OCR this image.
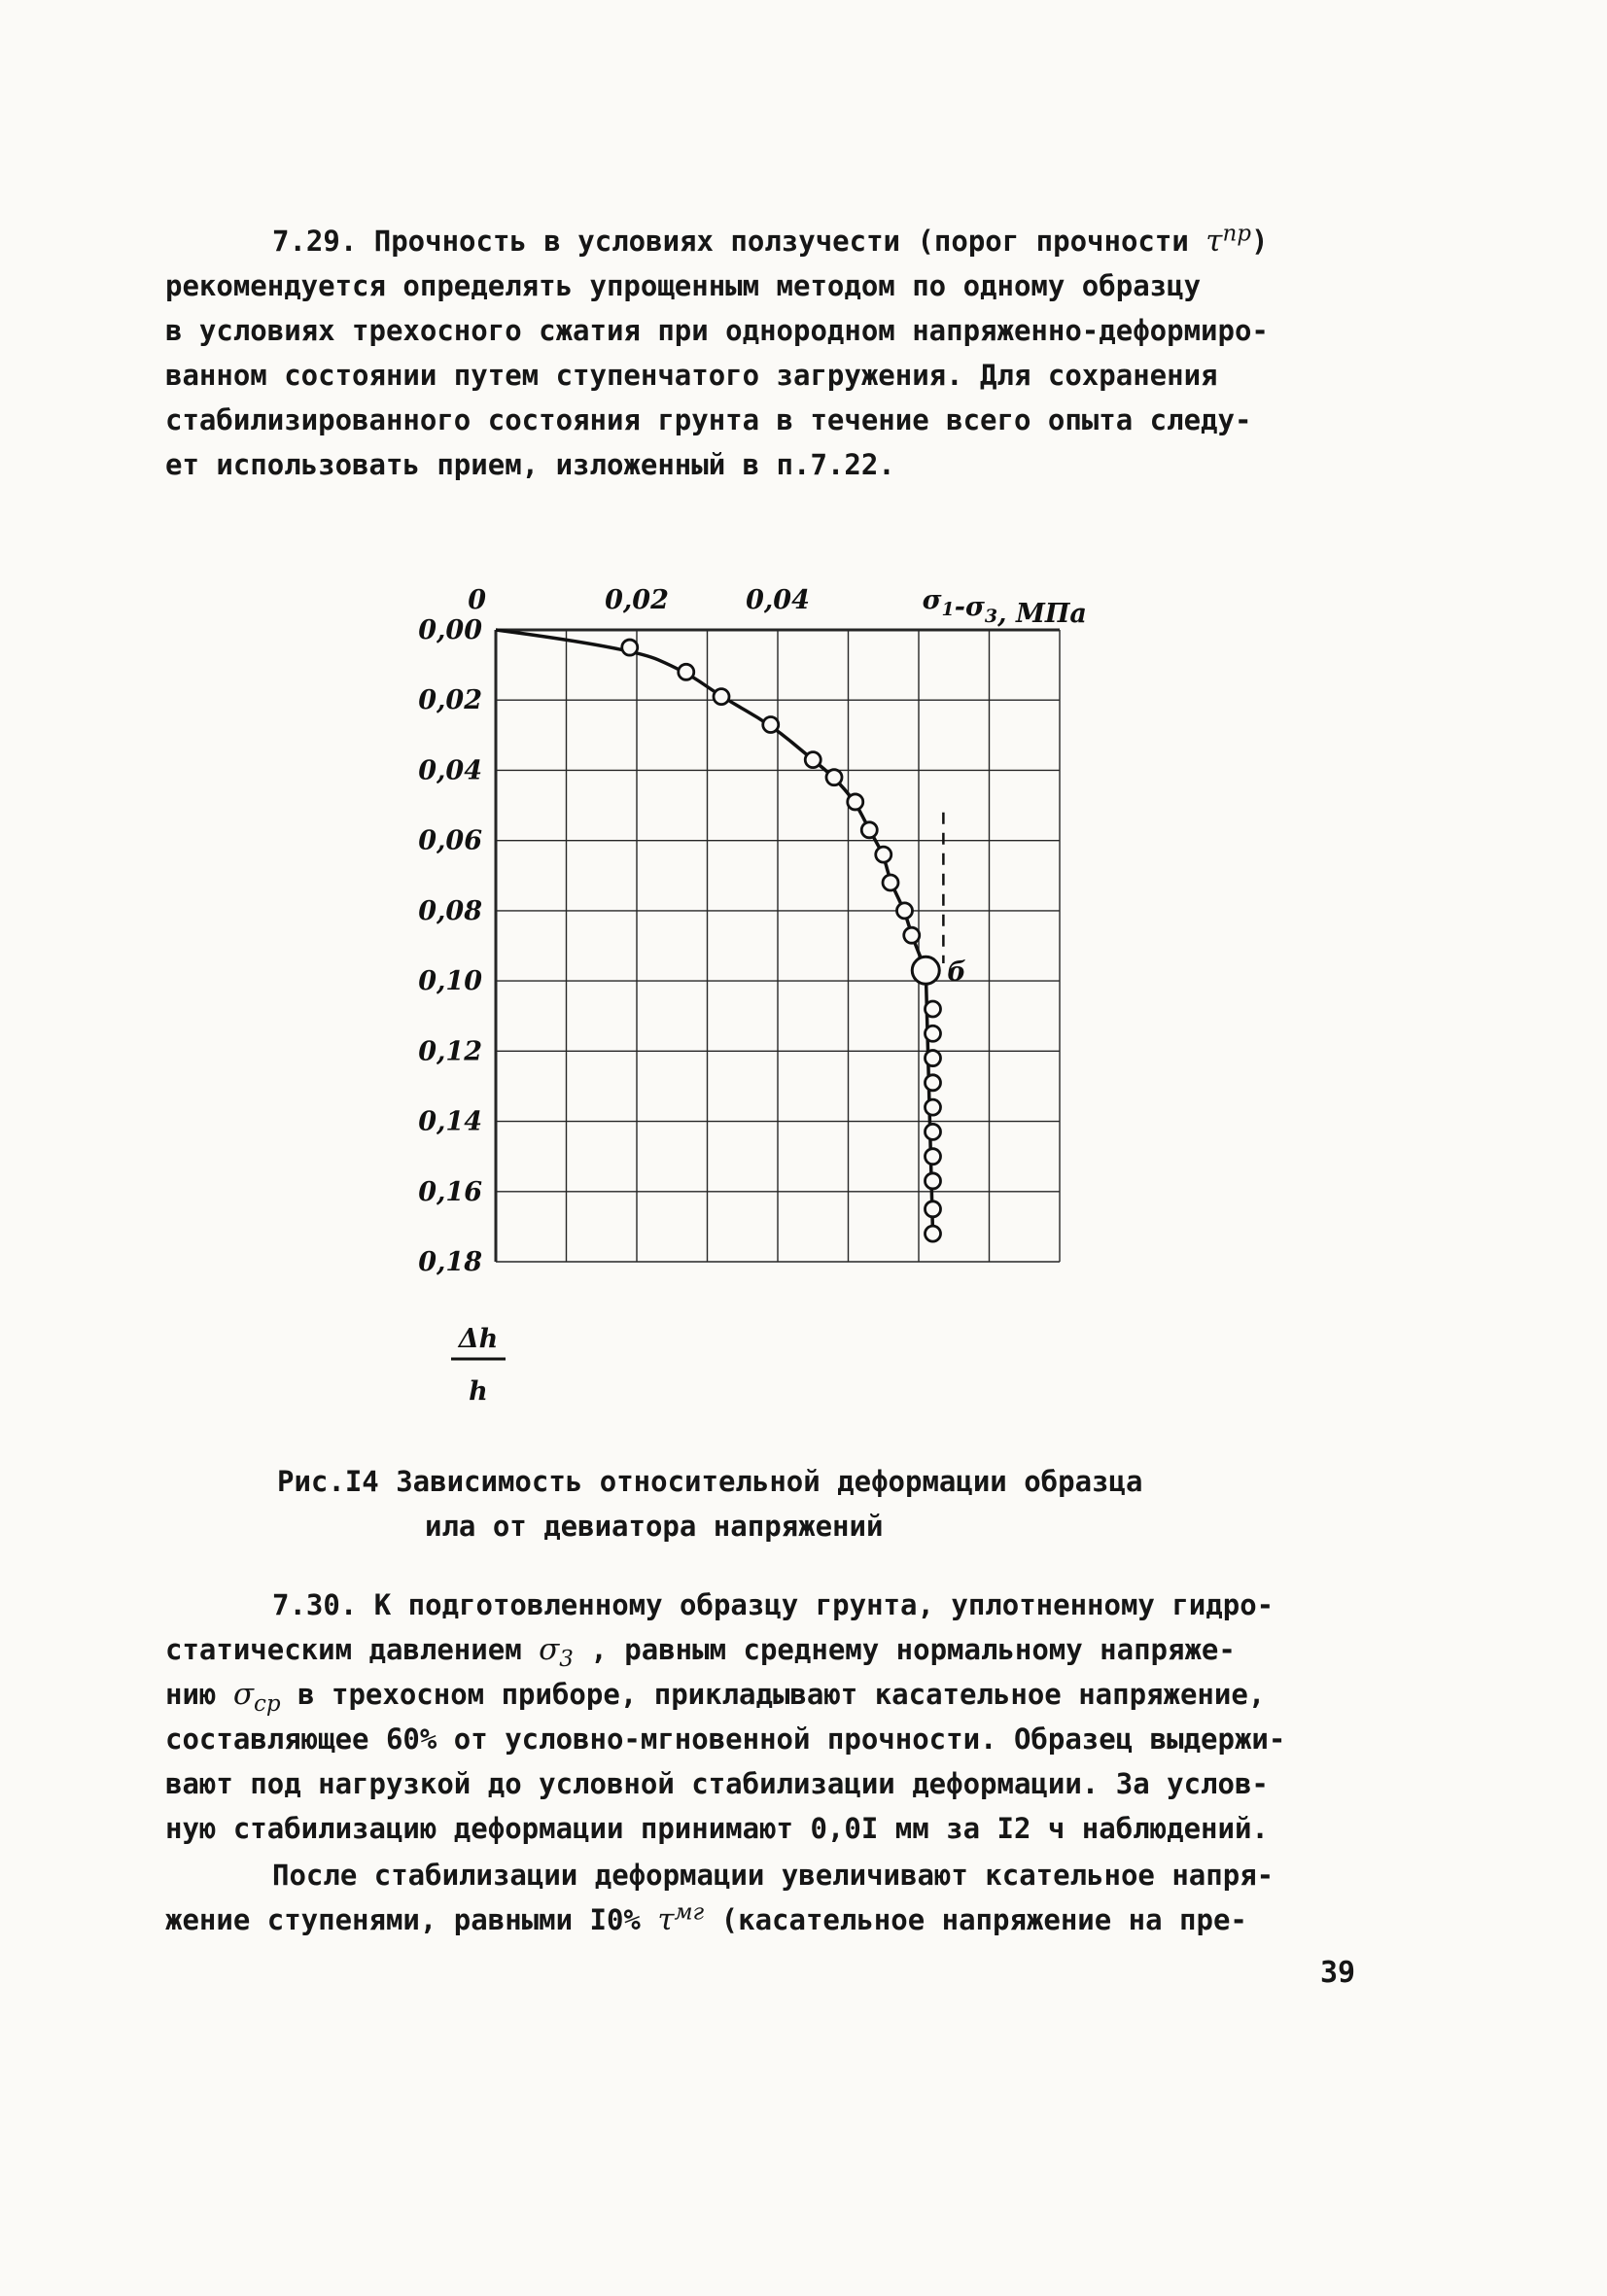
7.29. Прочность в условиях ползучести (порог прочности $\tau^{пр}$)
рекомендуется определять упрощенным методом по одному образцу
в условиях трехосного сжатия при однородном напряженно-деформиро-
ванном состоянии путем ступенчатого загружения. Для сохранения
стабилизированного состояния грунта в течение всего опыта следу-
ет использовать прием, изложенный в п.7.22.
0	0,02	0,04
0,00
0,02
0,04
0,06
0,08
0,10
0,12
0,14
0,16
0,18
$\sigma_1-\sigma_3$, МПа
Δh
h
б
Рис.I4 Зависимость относительной деформации образца
ила от девиатора напряжений
7.30. К подготовленному образцу грунта, уплотненному гидро-
статическим давлением $\sigma_3$ , равным среднему нормальному напряже-
нию $\sigma_{ср}$ в трехосном приборе, прикладывают касательное напряжение,
составляющее 60% от условно-мгновенной прочности. Образец выдержи-
вают под нагрузкой до условной стабилизации деформации. За услов-
ную стабилизацию деформации принимают 0,0I мм за I2 ч наблюдений.
После стабилизации деформации увеличивают ксательное напря-
жение ступенями, равными I0% $\tau^{мг}$ (касательное напряжение на пре-
39
